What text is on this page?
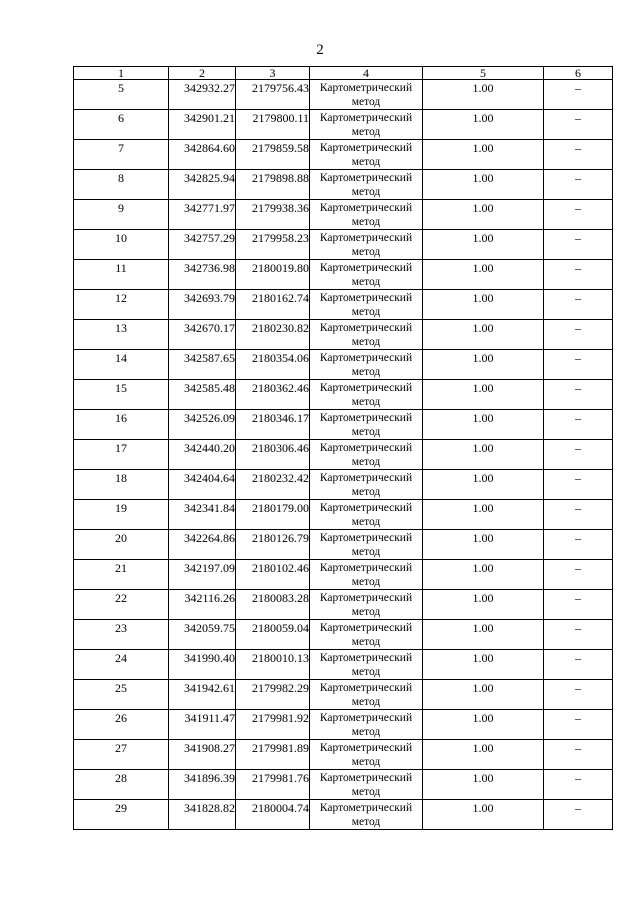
2
1	2	3	4	5	6
5	342932.27	2179756.43	Картометрический метод	1.00	–
6	342901.21	2179800.11	Картометрический метод	1.00	–
7	342864.60	2179859.58	Картометрический метод	1.00	–
8	342825.94	2179898.88	Картометрический метод	1.00	–
9	342771.97	2179938.36	Картометрический метод	1.00	–
10	342757.29	2179958.23	Картометрический метод	1.00	–
11	342736.98	2180019.80	Картометрический метод	1.00	–
12	342693.79	2180162.74	Картометрический метод	1.00	–
13	342670.17	2180230.82	Картометрический метод	1.00	–
14	342587.65	2180354.06	Картометрический метод	1.00	–
15	342585.48	2180362.46	Картометрический метод	1.00	–
16	342526.09	2180346.17	Картометрический метод	1.00	–
17	342440.20	2180306.46	Картометрический метод	1.00	–
18	342404.64	2180232.42	Картометрический метод	1.00	–
19	342341.84	2180179.00	Картометрический метод	1.00	–
20	342264.86	2180126.79	Картометрический метод	1.00	–
21	342197.09	2180102.46	Картометрический метод	1.00	–
22	342116.26	2180083.28	Картометрический метод	1.00	–
23	342059.75	2180059.04	Картометрический метод	1.00	–
24	341990.40	2180010.13	Картометрический метод	1.00	–
25	341942.61	2179982.29	Картометрический метод	1.00	–
26	341911.47	2179981.92	Картометрический метод	1.00	–
27	341908.27	2179981.89	Картометрический метод	1.00	–
28	341896.39	2179981.76	Картометрический метод	1.00	–
29	341828.82	2180004.74	Картометрический метод	1.00	–
